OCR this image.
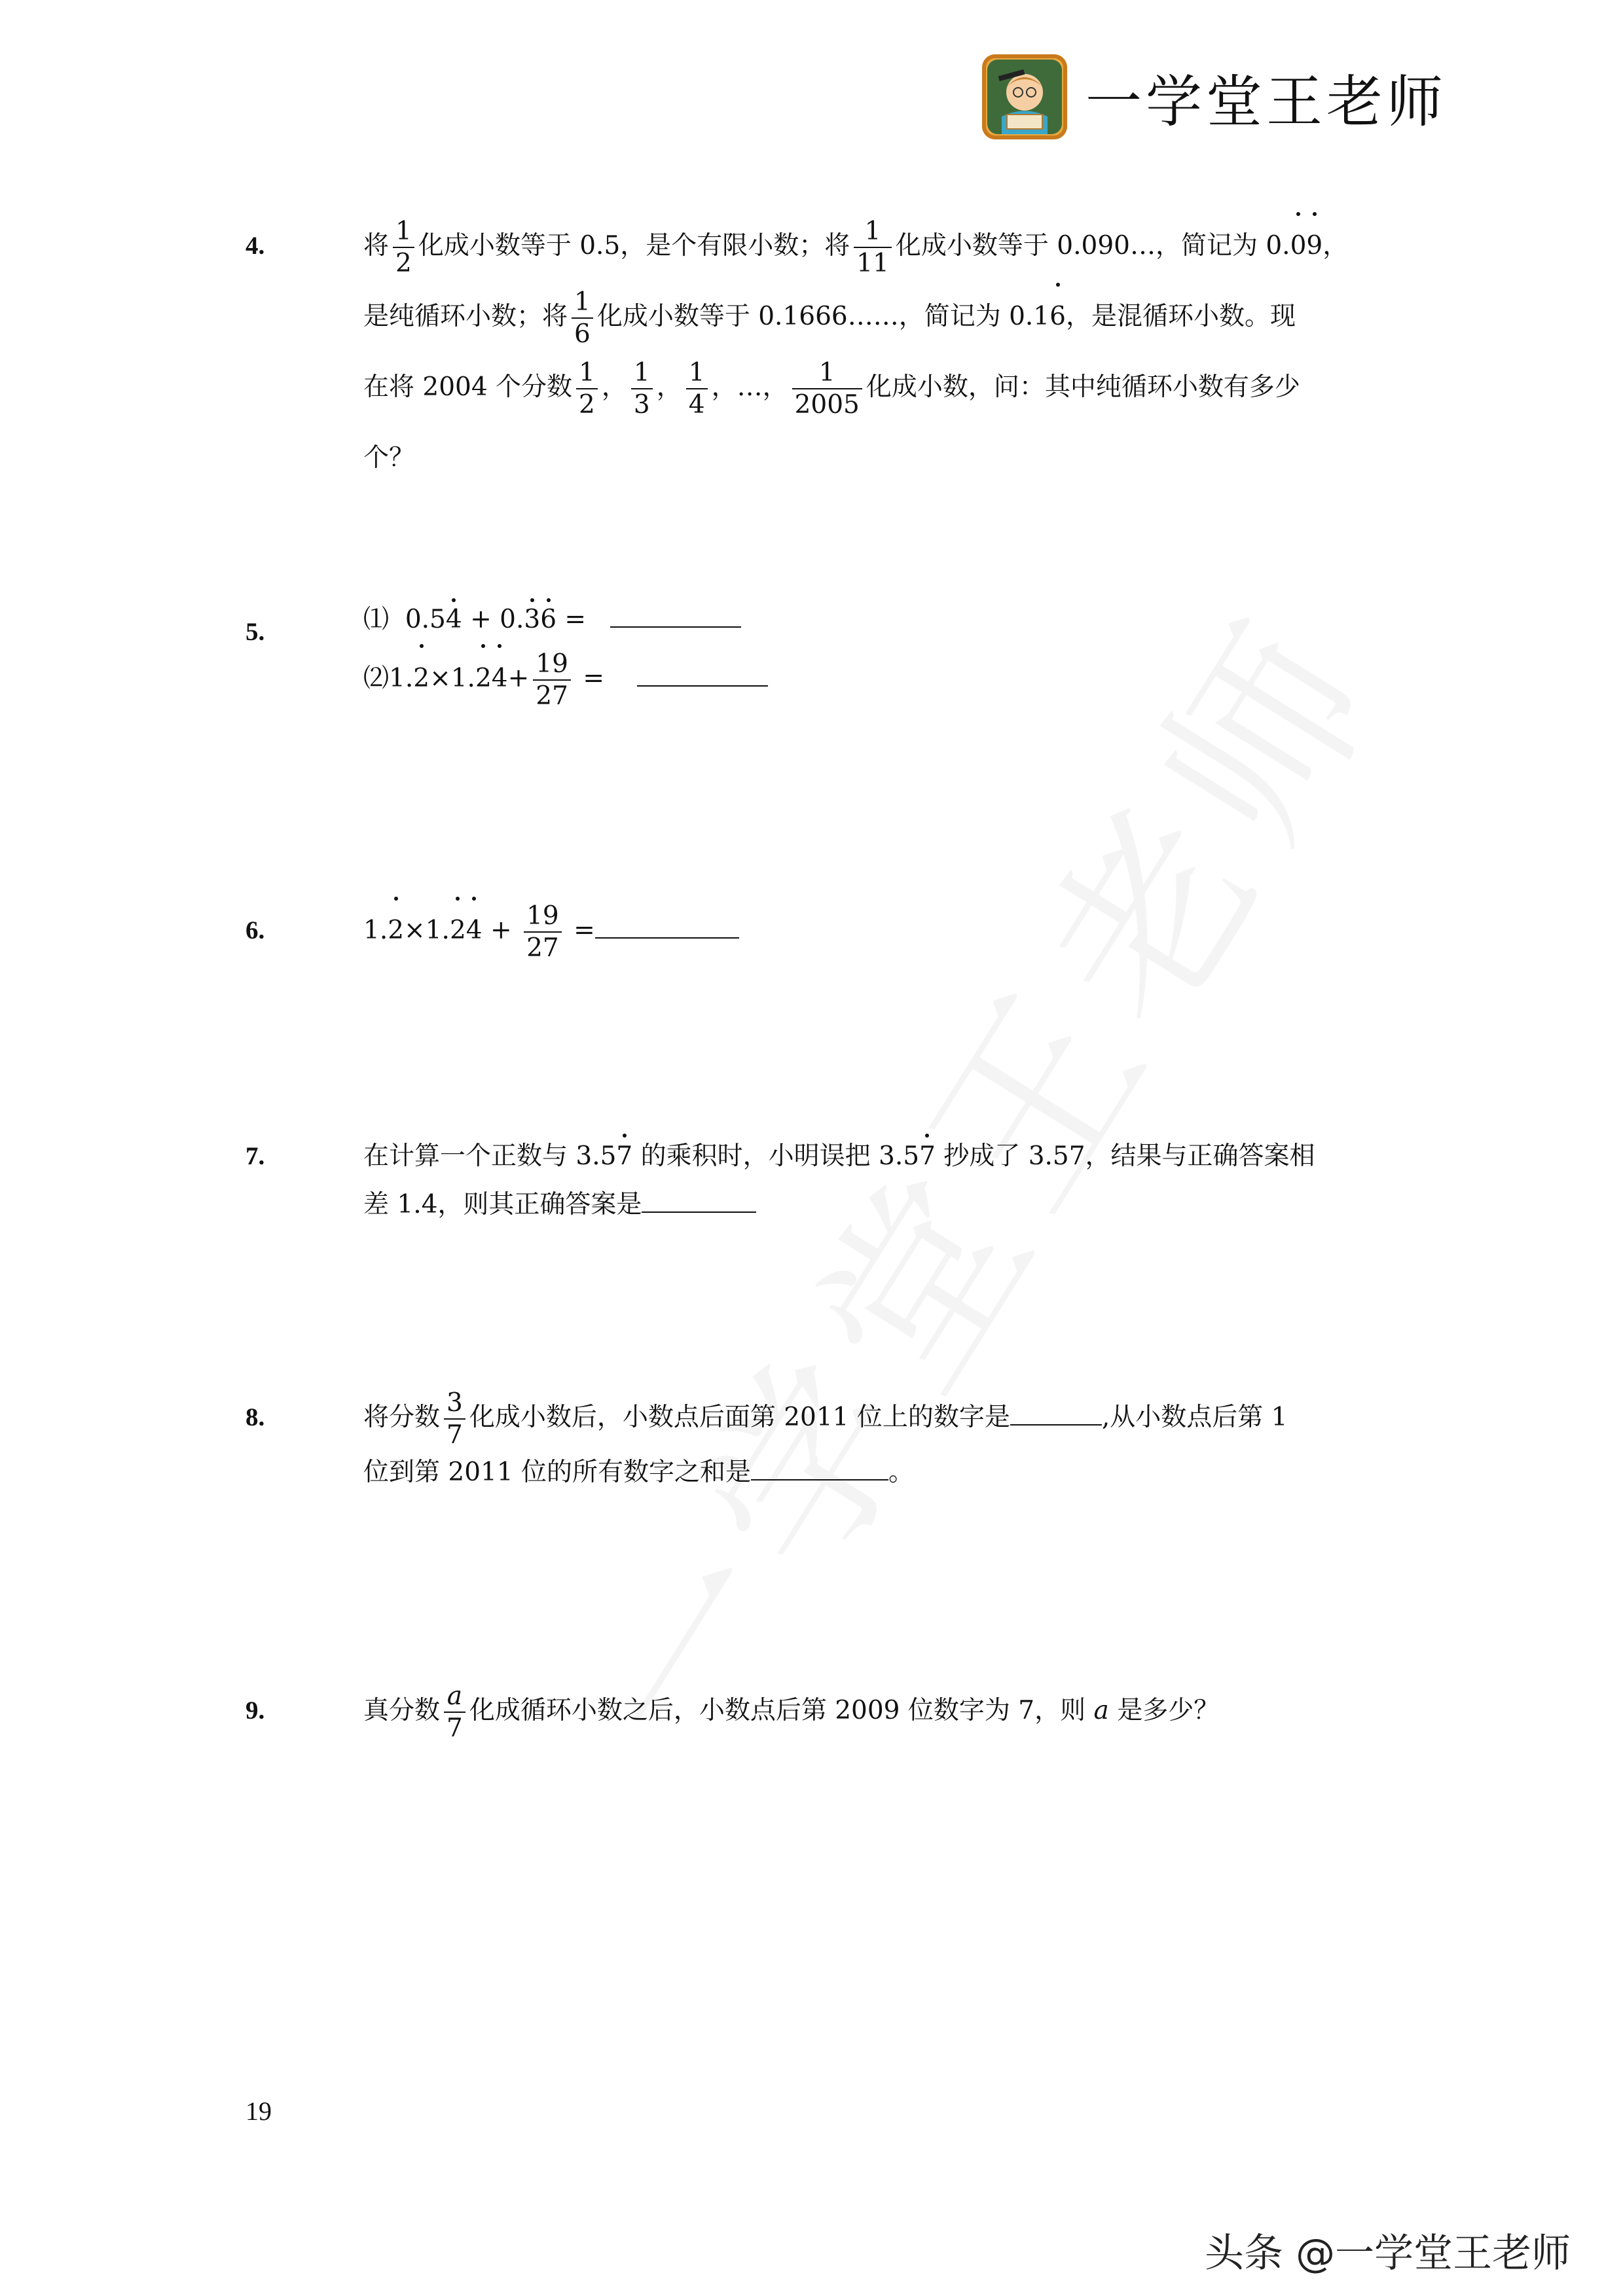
一学堂王老师
4.	将 $\frac{1}{2}$ 化成小数等于 0.5，是个有限小数；将 $\frac{1}{11}$ 化成小数等于 0.090…，简记为 0.09，
是纯循环小数；将 $\frac{1}{6}$ 化成小数等于 0.1666……，简记为 0.16，是混循环小数。现
在将 2004 个分数 $\frac{1}{2}$ ， $\frac{1}{3}$ ， $\frac{1}{4}$ ，…， $\frac{1}{2005}$ 化成小数，问：其中纯循环小数有多少
个？
5.	⑴ 0.54 + 0.36 =
⑵1.2×1.24+ $\frac{19}{27}$ =
6.	$1.2\times 1.24 + \frac{19}{27}$ =
7.	在计算一个正数与 3.57 的乘积时，小明误把 3.57 抄成了 3.57，结果与正确答案相
差 1.4，则其正确答案是
8.	将分数 $\frac{3}{7}$ 化成小数后，小数点后面第 2011 位上的数字是	,从小数点后第 1
位到第 2011 位的所有数字之和是	。
9.	真分数 $\frac{a}{7}$ 化成循环小数之后，小数点后第 2009 位数字为 7，则 a 是多少？
19
头条 @一学堂王老师
